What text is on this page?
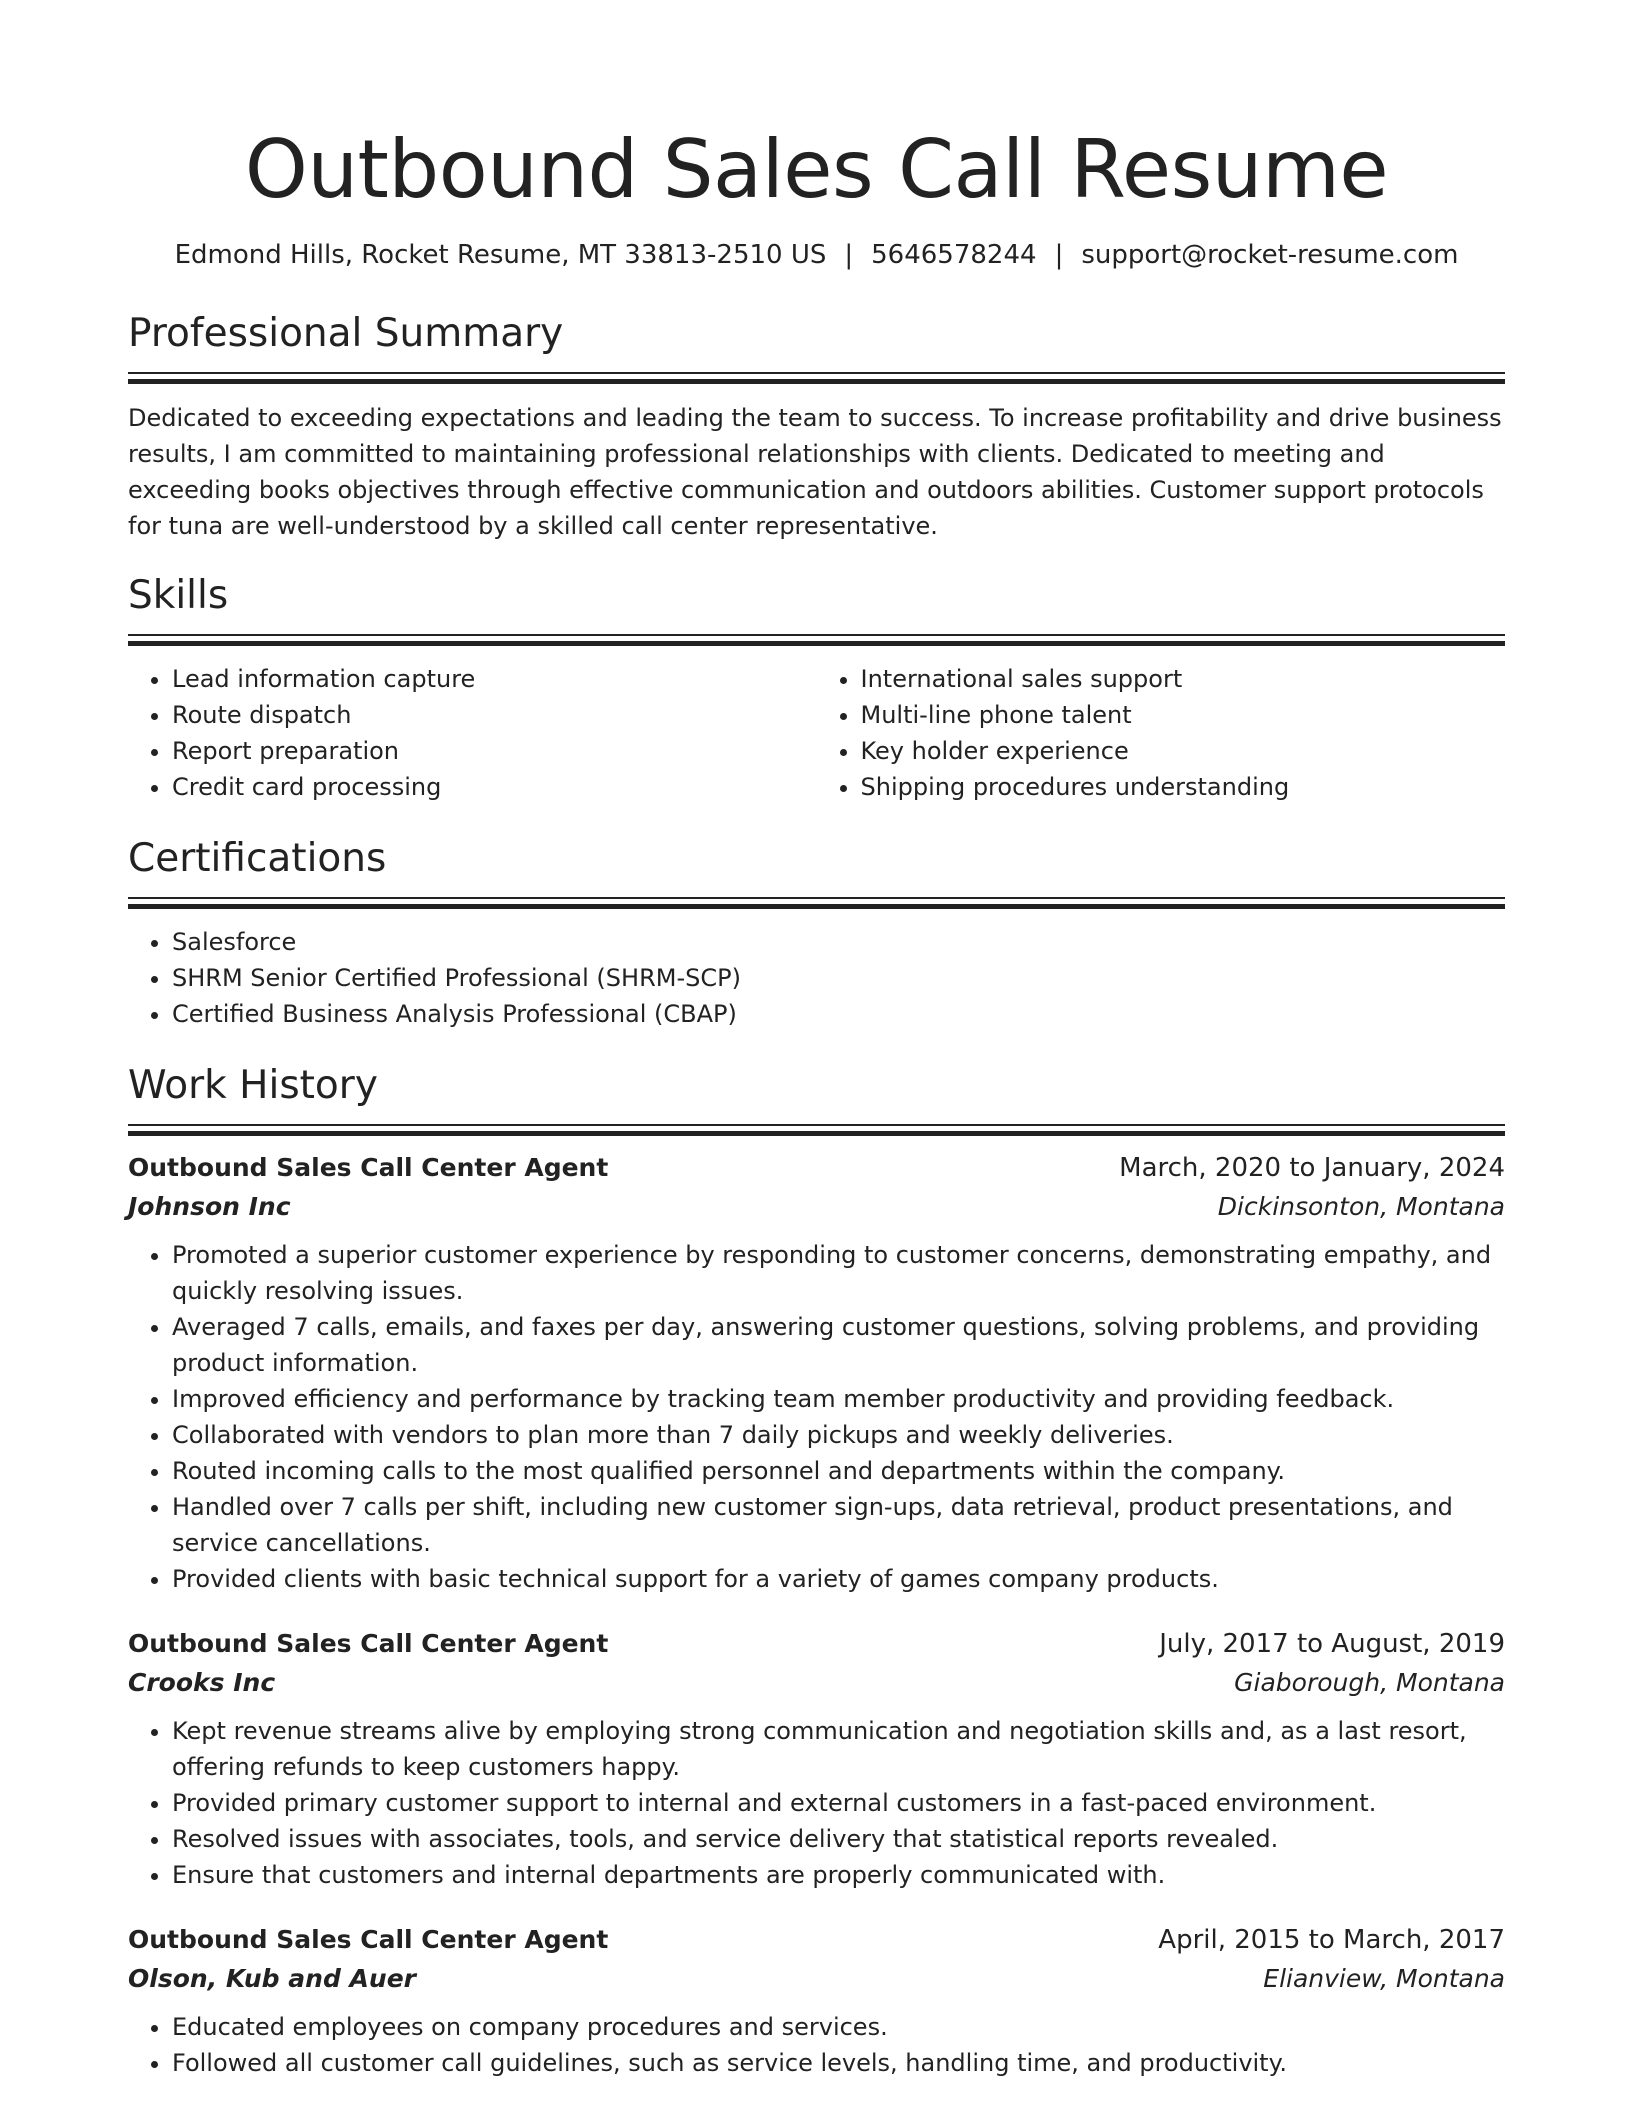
Outbound Sales Call Resume
Edmond Hills, Rocket Resume, MT 33813-2510 US | 5646578244 | support@rocket-resume.com
Professional Summary
Dedicated to exceeding expectations and leading the team to success. To increase profitability and drive business results, I am committed to maintaining professional relationships with clients. Dedicated to meeting and exceeding books objectives through effective communication and outdoors abilities. Customer support protocols for tuna are well-understood by a skilled call center representative.
Skills
• Lead information capture
• Route dispatch
• Report preparation
• Credit card processing
• International sales support
• Multi-line phone talent
• Key holder experience
• Shipping procedures understanding
Certifications
• Salesforce
• SHRM Senior Certified Professional (SHRM-SCP)
• Certified Business Analysis Professional (CBAP)
Work History
Outbound Sales Call Center Agent	March, 2020 to January, 2024
Johnson Inc	Dickinsonton, Montana
• Promoted a superior customer experience by responding to customer concerns, demonstrating empathy, and quickly resolving issues.
• Averaged 7 calls, emails, and faxes per day, answering customer questions, solving problems, and providing product information.
• Improved efficiency and performance by tracking team member productivity and providing feedback.
• Collaborated with vendors to plan more than 7 daily pickups and weekly deliveries.
• Routed incoming calls to the most qualified personnel and departments within the company.
• Handled over 7 calls per shift, including new customer sign-ups, data retrieval, product presentations, and service cancellations.
• Provided clients with basic technical support for a variety of games company products.
Outbound Sales Call Center Agent	July, 2017 to August, 2019
Crooks Inc	Giaborough, Montana
• Kept revenue streams alive by employing strong communication and negotiation skills and, as a last resort, offering refunds to keep customers happy.
• Provided primary customer support to internal and external customers in a fast-paced environment.
• Resolved issues with associates, tools, and service delivery that statistical reports revealed.
• Ensure that customers and internal departments are properly communicated with.
Outbound Sales Call Center Agent	April, 2015 to March, 2017
Olson, Kub and Auer	Elianview, Montana
• Educated employees on company procedures and services.
• Followed all customer call guidelines, such as service levels, handling time, and productivity.
